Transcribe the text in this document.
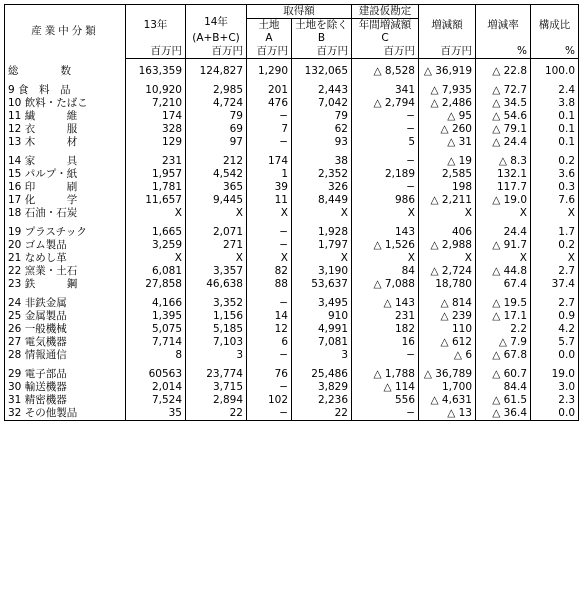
産業中分類	13年	14年	取得額		建設仮勘定	増減額	増減率	構成比
			土地	土地を除く	年間増減額			
		(A+B+C)	A	B	C			
	百万円	百万円	百万円	百万円	百万円	百万円	%	%

総　　　　数	163,359	124,827	1,290	132,065	△ 8,528	△ 36,919	△ 22.8	100.0

9 食　料　品	10,920	2,985	201	2,443	341	△ 7,935	△ 72.7	2.4
10 飲料・たばこ	7,210	4,724	476	7,042	△ 2,794	△ 2,486	△ 34.5	3.8
11 繊　　　維	174	79	−	79	−	△ 95	△ 54.6	0.1
12 衣　　　服	328	69	7	62	−	△ 260	△ 79.1	0.1
13 木　　　材	129	97	−	93	5	△ 31	△ 24.4	0.1

14 家　　　具	231	212	174	38	−	△ 19	△ 8.3	0.2
15 パルプ・紙	1,957	4,542	1	2,352	2,189	2,585	132.1	3.6
16 印　　　刷	1,781	365	39	326	−	198	117.7	0.3
17 化　　　学	11,657	9,445	11	8,449	986	△ 2,211	△ 19.0	7.6
18 石油・石炭	X	X	X	X	X	X	X	X

19 プラスチック	1,665	2,071	−	1,928	143	406	24.4	1.7
20 ゴム製品	3,259	271	−	1,797	△ 1,526	△ 2,988	△ 91.7	0.2
21 なめし革	X	X	X	X	X	X	X	X
22 窯業・土石	6,081	3,357	82	3,190	84	△ 2,724	△ 44.8	2.7
23 鉄　　　鋼	27,858	46,638	88	53,637	△ 7,088	18,780	67.4	37.4

24 非鉄金属	4,166	3,352	−	3,495	△ 143	△ 814	△ 19.5	2.7
25 金属製品	1,395	1,156	14	910	231	△ 239	△ 17.1	0.9
26 一般機械	5,075	5,185	12	4,991	182	110	2.2	4.2
27 電気機器	7,714	7,103	6	7,081	16	△ 612	△ 7.9	5.7
28 情報通信	8	3	−	3	−	△ 6	△ 67.8	0.0

29 電子部品	60563	23,774	76	25,486	△ 1,788	△ 36,789	△ 60.7	19.0
30 輸送機器	2,014	3,715	−	3,829	△ 114	1,700	84.4	3.0
31 精密機器	7,524	2,894	102	2,236	556	△ 4,631	△ 61.5	2.3
32 その他製品	35	22	−	22	−	△ 13	△ 36.4	0.0
